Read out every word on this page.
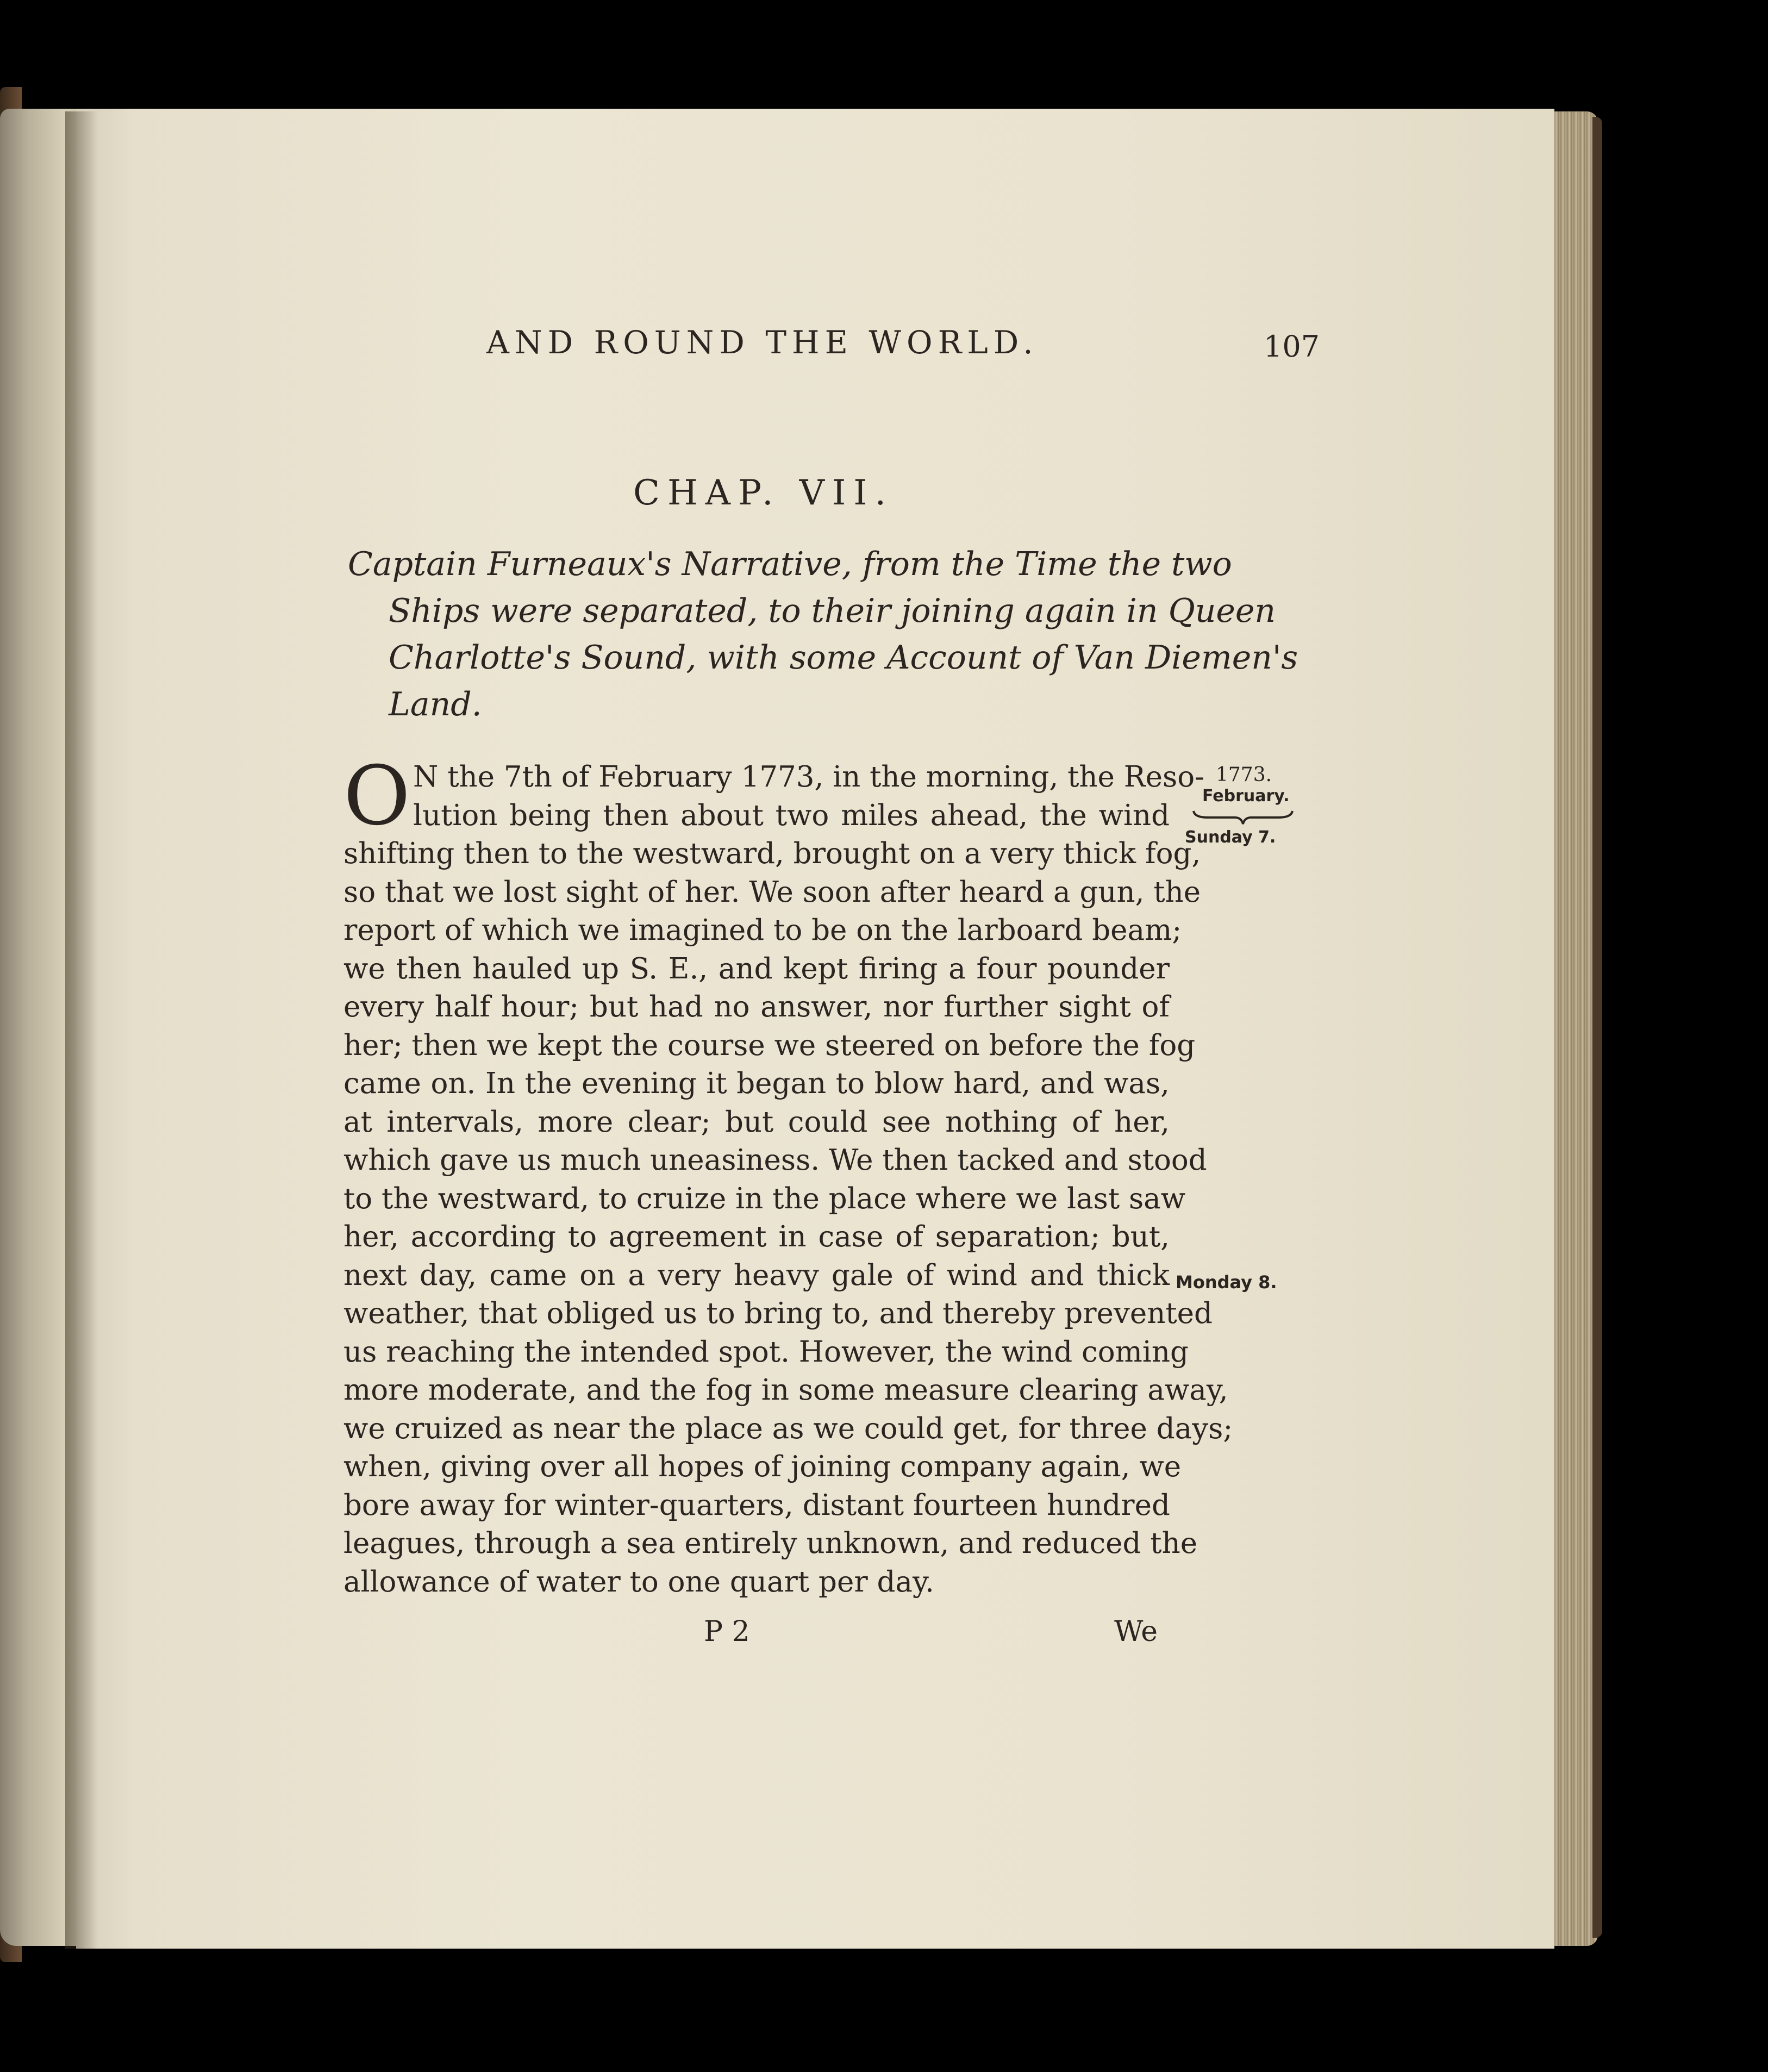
AND ROUND THE WORLD.	107
CHAP. VII.
Captain Furneaux's Narrative, from the Time the two
Ships were separated, to their joining again in Queen
Charlotte's Sound, with some Account of Van Diemen's
Land.
O N the 7th of February 1773, in the morning, the Reso-
lution being then about two miles ahead, the wind
shifting then to the westward, brought on a very thick fog,
so that we lost sight of her. We soon after heard a gun, the
report of which we imagined to be on the larboard beam;
we then hauled up S. E., and kept firing a four pounder
every half hour; but had no answer, nor further sight of
her; then we kept the course we steered on before the fog
came on. In the evening it began to blow hard, and was,
at intervals, more clear; but could see nothing of her,
which gave us much uneasiness. We then tacked and stood
to the westward, to cruize in the place where we last saw
her, according to agreement in case of separation; but,
next day, came on a very heavy gale of wind and thick
weather, that obliged us to bring to, and thereby prevented
us reaching the intended spot. However, the wind coming
more moderate, and the fog in some measure clearing away,
we cruized as near the place as we could get, for three days;
when, giving over all hopes of joining company again, we
bore away for winter-quarters, distant fourteen hundred
leagues, through a sea entirely unknown, and reduced the
allowance of water to one quart per day.
1773.
February.
Sunday 7.
Monday 8.
P 2	We
